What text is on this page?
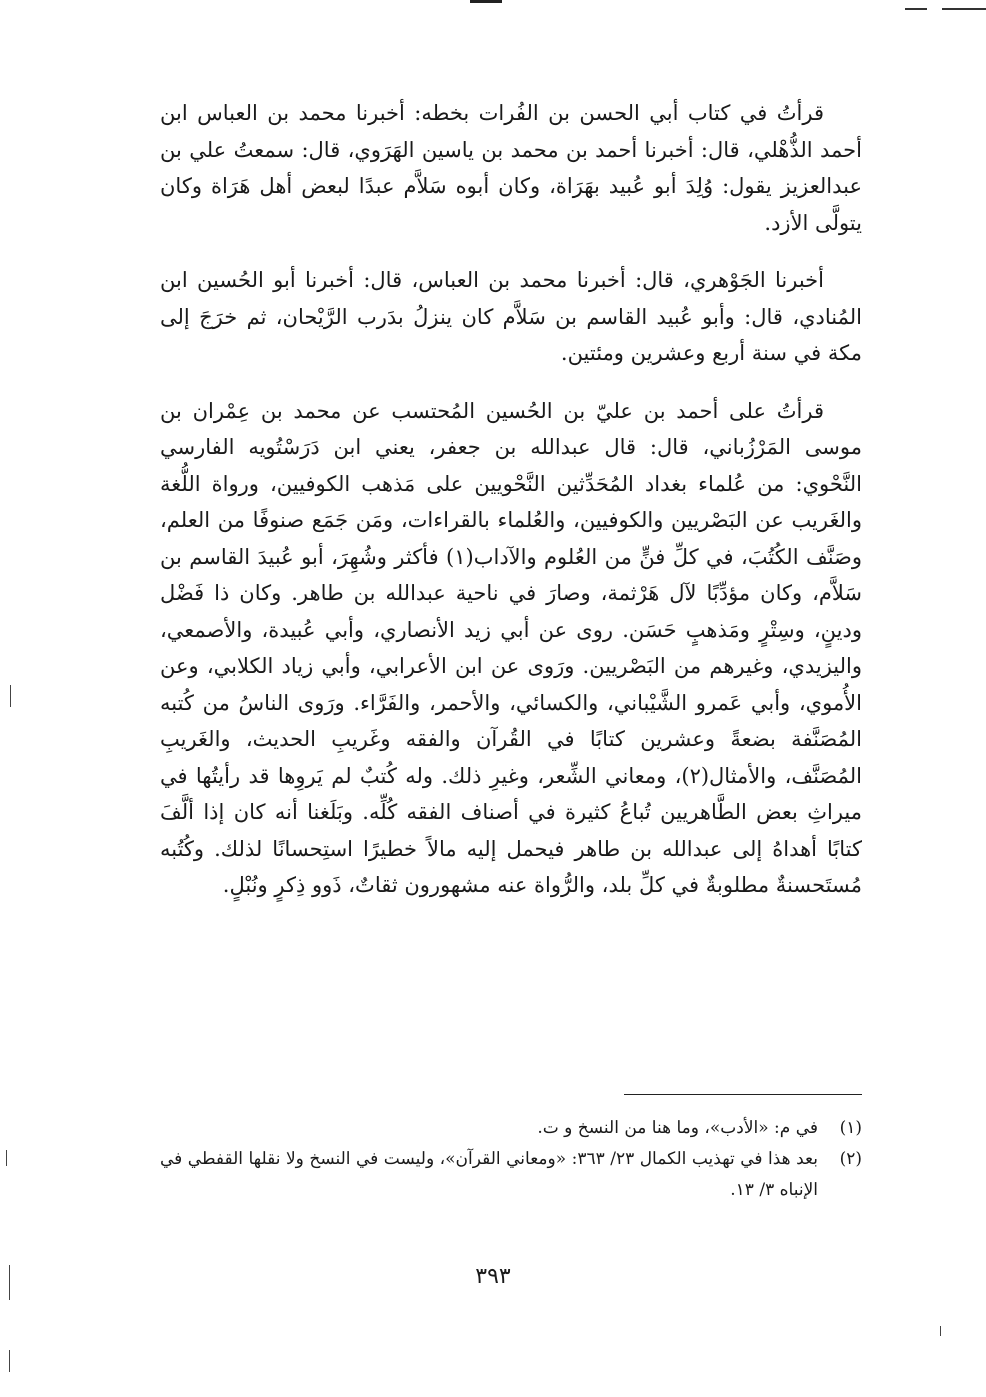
قرأتُ في كتاب أبي الحسن بن الفُرات بخطه: أخبرنا محمد بن العباس ابن أحمد الذُّهْلي، قال: أخبرنا أحمد بن محمد بن ياسين الهَرَوي، قال: سمعتُ علي بن عبدالعزيز يقول: وُلِدَ أبو عُبيد بهَرَاة، وكان أبوه سَلاَّم عبدًا لبعض أهل هَرَاة وكان يتولَّى الأزد.

أخبرنا الجَوْهري، قال: أخبرنا محمد بن العباس، قال: أخبرنا أبو الحُسين ابن المُنادي، قال: وأبو عُبيد القاسم بن سَلاَّم كان ينزلُ بدَرب الرَّيْحان، ثم خرَجَ إلى مكة في سنة أربع وعشرين ومئتين.

قرأتُ على أحمد بن عليّ بن الحُسين المُحتسب عن محمد بن عِمْران بن موسى المَرْزُباني، قال: قال عبدالله بن جعفر، يعني ابن دَرَسْتُويه الفارسي النَّحْوي: من عُلماء بغداد المُحَدِّثين النَّحْويين على مَذهب الكوفيين، ورواة اللُّغة والغَريب عن البَصْريين والكوفيين، والعُلماء بالقراءات، ومَن جَمَع صنوفًا من العلم، وصَنَّف الكُتُبَ، في كلِّ فنٍّ من العُلوم والآداب(١) فأكثر وشُهِرَ، أبو عُبيدَ القاسم بن سَلاَّم، وكان مؤدِّبًا لآل هَرْثمة، وصارَ في ناحية عبدالله بن طاهر. وكان ذا فَضْل ودينٍ، وسِتْرٍ ومَذهبٍ حَسَن. روى عن أبي زيد الأنصاري، وأبي عُبيدة، والأصمعي، واليزيدي، وغيرهم من البَصْريين. ورَوى عن ابن الأعرابي، وأبي زياد الكلابي، وعن الأُموي، وأبي عَمرو الشَّيْباني، والكسائي، والأحمر، والفَرَّاء. ورَوى الناسُ من كُتبه المُصَنَّفة بضعةً وعشرين كتابًا في القُرآن والفقه وغَريبِ الحديث، والغَريبِ المُصَنَّف، والأمثال(٢)، ومعاني الشِّعر، وغيرِ ذلك. وله كُتبٌ لم يَروِها قد رأيتُها في ميراثِ بعض الطَّاهريين تُباعُ كثيرة في أصناف الفقه كُلِّه. وبَلَغنا أنه كان إذا ألَّفَ كتابًا أهداهُ إلى عبدالله بن طاهر فيحمل إليه مالاً خطيرًا استِحسانًا لذلك. وكُتُبه مُستَحسنةٌ مطلوبةٌ في كلِّ بلد، والرُّواة عنه مشهورون ثقاتٌ، ذَوو ذِكرٍ ونُبْلٍ.

(١)
في م: «الأدب»، وما هنا من النسخ و ت.
(٢)
بعد هذا في تهذيب الكمال ٢٣/ ٣٦٣: «ومعاني القرآن»، وليست في النسخ ولا نقلها القفطي في الإنباه ٣/ ١٣.
٣٩٣
